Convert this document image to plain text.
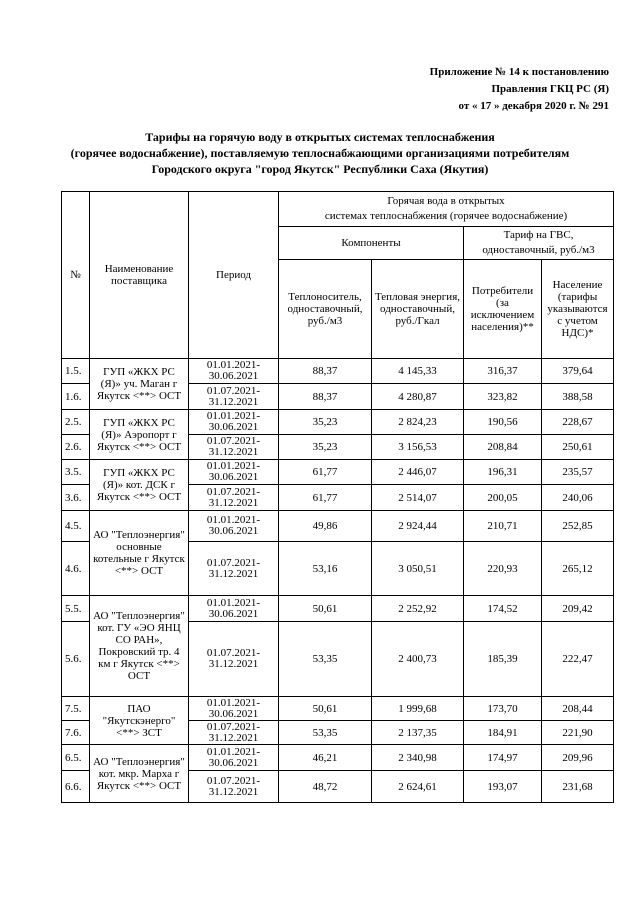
Приложение № 14 к постановлению
Правления ГКЦ РС (Я)
от « 17 » декабря 2020 г. № 291
Тарифы на горячую воду в открытых системах теплоснабжения
(горячее водоснабжение), поставляемую теплоснабжающими организациями потребителям
Городского округа "город Якутск" Республики Саха (Якутия)
№	Наименование поставщика	Период	Горячая вода в открытых
системах теплоснабжения (горячее водоснабжение)			

			Компоненты		Тариф на ГВС,
одноставочный, руб./м3	

			Теплоноситель, одноставочный, руб./м3	Тепловая энергия, одноставочный, руб./Гкал	Потребители (за исключением населения)**	Население (тарифы указываются с учетом НДС)*
1.5.	ГУП «ЖКХ РС (Я)» уч. Маган г Якутск <**> ОСТ	01.01.2021-30.06.2021	88,37	4 145,33	316,37	379,64
1.6.		01.07.2021-31.12.2021	88,37	4 280,87	323,82	388,58
2.5.	ГУП «ЖКХ РС (Я)» Аэропорт г Якутск <**> ОСТ	01.01.2021-30.06.2021	35,23	2 824,23	190,56	228,67
2.6.		01.07.2021-31.12.2021	35,23	3 156,53	208,84	250,61
3.5.	ГУП «ЖКХ РС (Я)» кот. ДСК г Якутск <**> ОСТ	01.01.2021-30.06.2021	61,77	2 446,07	196,31	235,57
3.6.		01.07.2021-31.12.2021	61,77	2 514,07	200,05	240,06
4.5.	АО "Теплоэнергия" основные котельные г Якутск <**> ОСТ	01.01.2021-30.06.2021	49,86	2 924,44	210,71	252,85
4.6.		01.07.2021-31.12.2021	53,16	3 050,51	220,93	265,12
5.5.	АО "Теплоэнергия" кот. ГУ «ЭО ЯНЦ СО РАН», Покровский тр. 4 км г Якутск <**> ОСТ	01.01.2021-30.06.2021	50,61	2 252,92	174,52	209,42
5.6.		01.07.2021-31.12.2021	53,35	2 400,73	185,39	222,47
7.5.	ПАО "Якутскэнерго" <**> ЗСТ	01.01.2021-30.06.2021	50,61	1 999,68	173,70	208,44
7.6.		01.07.2021-31.12.2021	53,35	2 137,35	184,91	221,90
6.5.	АО "Теплоэнергия" кот. мкр. Марха г Якутск <**> ОСТ	01.01.2021-30.06.2021	46,21	2 340,98	174,97	209,96
6.6.		01.07.2021-31.12.2021	48,72	2 624,61	193,07	231,68
